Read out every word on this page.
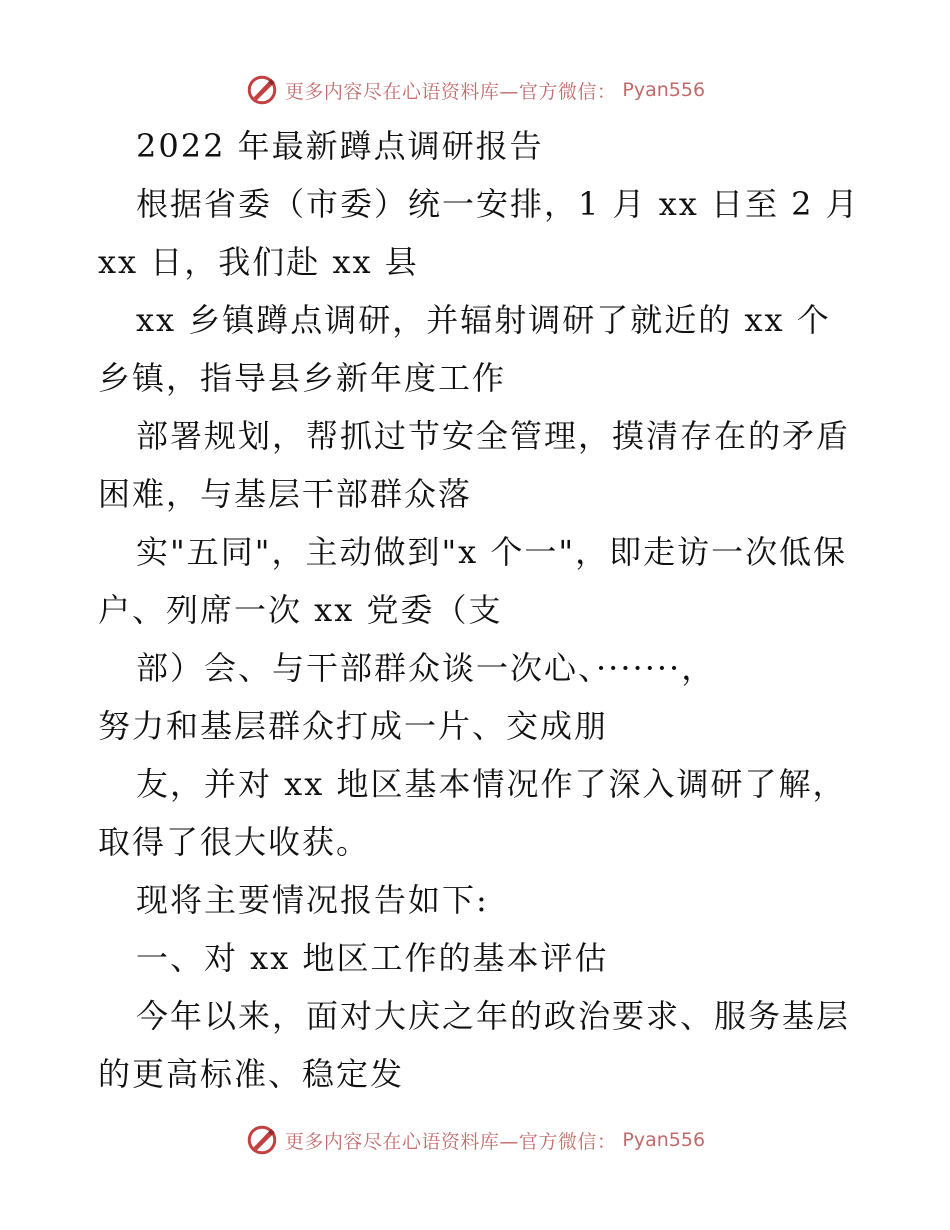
更多内容尽在心语资料库—官方微信： Pyan556
2022 年最新蹲点调研报告
根据省委（市委）统一安排，1 月 xx 日至 2 月
xx 日，我们赴 xx 县
xx 乡镇蹲点调研，并辐射调研了就近的 xx 个
乡镇，指导县乡新年度工作
部署规划，帮抓过节安全管理，摸清存在的矛盾
困难，与基层干部群众落
实"五同"，主动做到"x 个一"，即走访一次低保
户、列席一次 xx 党委（支
部）会、与干部群众谈一次心、·······，
努力和基层群众打成一片、交成朋
友，并对 xx 地区基本情况作了深入调研了解，
取得了很大收获。
现将主要情况报告如下:
一、对 xx 地区工作的基本评估
今年以来，面对大庆之年的政治要求、服务基层
的更高标准、稳定发
更多内容尽在心语资料库—官方微信： Pyan556
